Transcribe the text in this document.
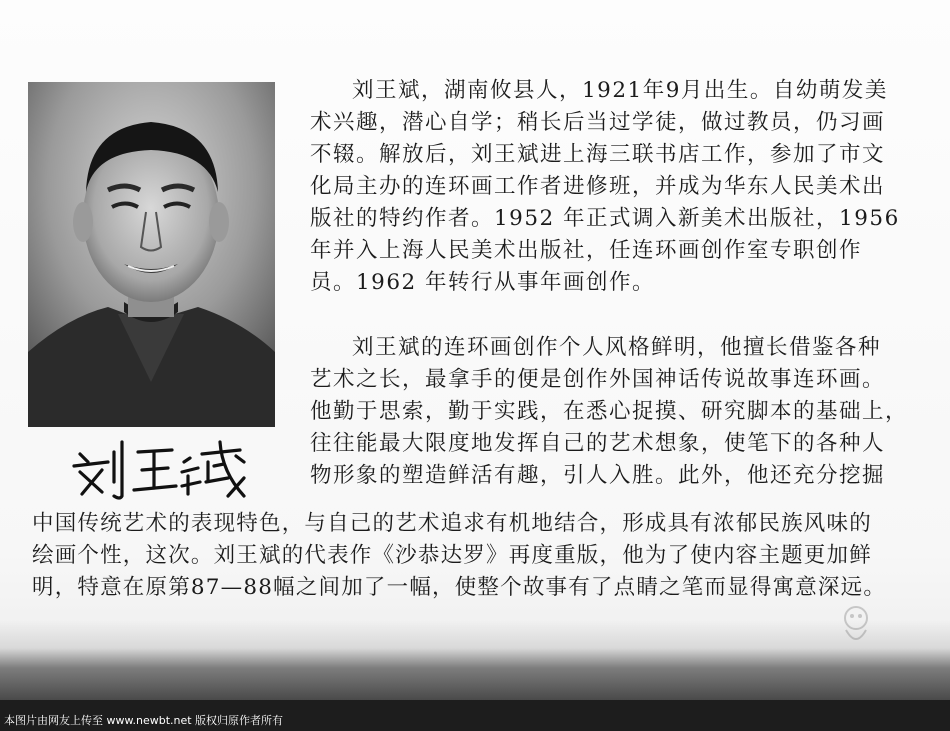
刘王斌，湖南攸县人，1921年9月出生。自幼萌发美
术兴趣，潜心自学；稍长后当过学徒，做过教员，仍习画
不辍。解放后，刘王斌进上海三联书店工作，参加了市文
化局主办的连环画工作者进修班，并成为华东人民美术出
版社的特约作者。1952 年正式调入新美术出版社，1956
年并入上海人民美术出版社，任连环画创作室专职创作
员。1962 年转行从事年画创作。
刘王斌的连环画创作个人风格鲜明，他擅长借鉴各种
艺术之长，最拿手的便是创作外国神话传说故事连环画。
他勤于思索，勤于实践，在悉心捉摸、研究脚本的基础上，
往往能最大限度地发挥自己的艺术想象，使笔下的各种人
物形象的塑造鲜活有趣，引人入胜。此外，他还充分挖掘
中国传统艺术的表现特色，与自己的艺术追求有机地结合，形成具有浓郁民族风味的
绘画个性，这次。刘王斌的代表作《沙恭达罗》再度重版，他为了使内容主题更加鲜
明，特意在原第87—88幅之间加了一幅，使整个故事有了点睛之笔而显得寓意深远。
本图片由网友上传至 www.newbt.net 版权归原作者所有
